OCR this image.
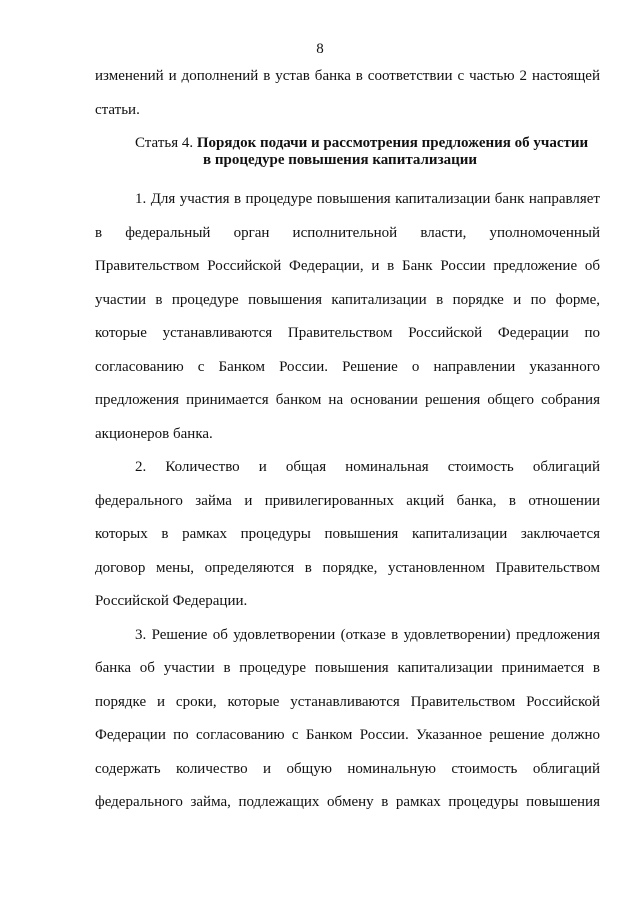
8

изменений и дополнений в устав банка в соответствии с частью 2 настоящей
статьи.

Статья 4. Порядок подачи и рассмотрения предложения об участии
в процедуре повышения капитализации

1. Для участия в процедуре повышения капитализации банк направляет
в федеральный орган исполнительной власти, уполномоченный
Правительством Российской Федерации, и в Банк России предложение об
участии в процедуре повышения капитализации в порядке и по форме,
которые устанавливаются Правительством Российской Федерации по
согласованию с Банком России. Решение о направлении указанного
предложения принимается банком на основании решения общего собрания
акционеров банка.

2. Количество и общая номинальная стоимость облигаций
федерального займа и привилегированных акций банка, в отношении
которых в рамках процедуры повышения капитализации заключается
договор мены, определяются в порядке, установленном Правительством
Российской Федерации.

3. Решение об удовлетворении (отказе в удовлетворении) предложения
банка об участии в процедуре повышения капитализации принимается в
порядке и сроки, которые устанавливаются Правительством Российской
Федерации по согласованию с Банком России. Указанное решение должно
содержать количество и общую номинальную стоимость облигаций
федерального займа, подлежащих обмену в рамках процедуры повышения
